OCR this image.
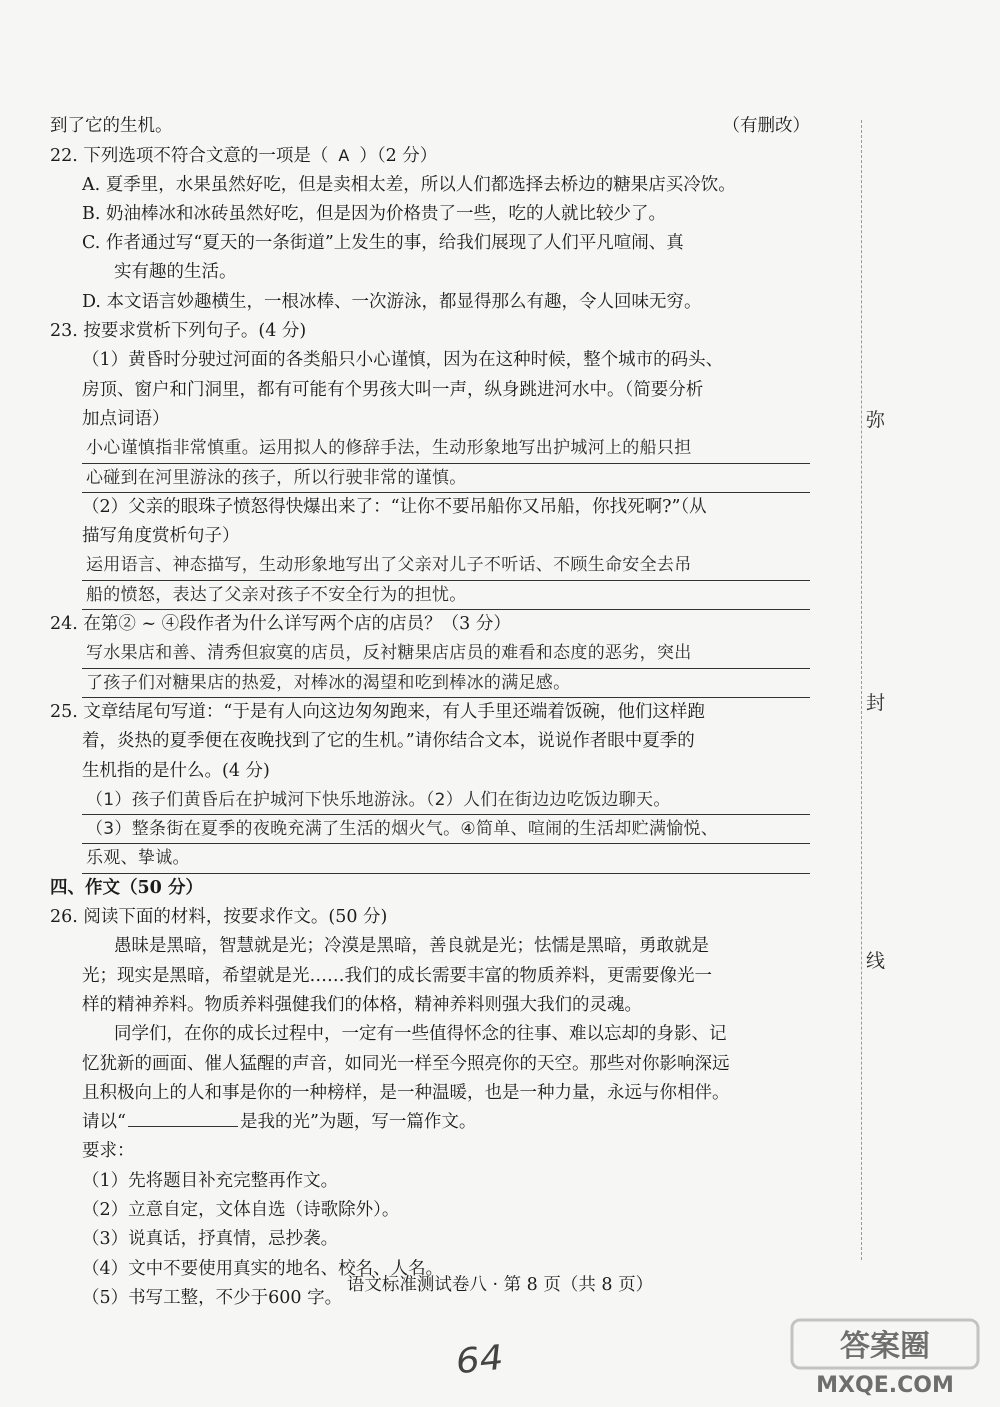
到了它的生机。	（有删改）
22. 下列选项不符合文意的一项是（ A ）（2 分）
A. 夏季里，水果虽然好吃，但是卖相太差，所以人们都选择去桥边的糖果店买冷饮。
B. 奶油棒冰和冰砖虽然好吃，但是因为价格贵了一些，吃的人就比较少了。
C. 作者通过写“夏天的一条街道”上发生的事，给我们展现了人们平凡喧闹、真
实有趣的生活。
D. 本文语言妙趣横生，一根冰棒、一次游泳，都显得那么有趣，令人回味无穷。
23. 按要求赏析下列句子。(4 分)
（1）黄昏时分驶过河面的各类船只小心谨慎，因为在这种时候，整个城市的码头、
房顶、窗户和门洞里，都有可能有个男孩大叫一声，纵身跳进河水中。（简要分析
加点词语）
小心谨慎指非常慎重。运用拟人的修辞手法，生动形象地写出护城河上的船只担
心碰到在河里游泳的孩子，所以行驶非常的谨慎。
（2）父亲的眼珠子愤怒得快爆出来了：“让你不要吊船你又吊船，你找死啊?”（从
描写角度赏析句子）
运用语言、神态描写，生动形象地写出了父亲对儿子不听话、不顾生命安全去吊
船的愤怒，表达了父亲对孩子不安全行为的担忧。
24. 在第② ~ ④段作者为什么详写两个店的店员？（3 分）
写水果店和善、清秀但寂寞的店员，反衬糖果店店员的难看和态度的恶劣，突出
了孩子们对糖果店的热爱，对棒冰的渴望和吃到棒冰的满足感。
25. 文章结尾句写道：“于是有人向这边匆匆跑来，有人手里还端着饭碗，他们这样跑
着，炎热的夏季便在夜晚找到了它的生机。”请你结合文本，说说作者眼中夏季的
生机指的是什么。(4 分)
（1）孩子们黄昏后在护城河下快乐地游泳。（2）人们在街边边吃饭边聊天。
（3）整条街在夏季的夜晚充满了生活的烟火气。④简单、喧闹的生活却贮满愉悦、
乐观、挚诚。
四、作文（50 分）
26. 阅读下面的材料，按要求作文。(50 分)
愚昧是黑暗，智慧就是光；冷漠是黑暗，善良就是光；怯懦是黑暗，勇敢就是
光；现实是黑暗，希望就是光……我们的成长需要丰富的物质养料，更需要像光一
样的精神养料。物质养料强健我们的体格，精神养料则强大我们的灵魂。
同学们，在你的成长过程中，一定有一些值得怀念的往事、难以忘却的身影、记
忆犹新的画面、催人猛醒的声音，如同光一样至今照亮你的天空。那些对你影响深远
且积极向上的人和事是你的一种榜样，是一种温暖，也是一种力量，永远与你相伴。
请以“	是我的光”为题，写一篇作文。
要求：
（1）先将题目补充完整再作文。
（2）立意自定，文体自选（诗歌除外）。
（3）说真话，抒真情，忌抄袭。
（4）文中不要使用真实的地名、校名、人名。
（5）书写工整，不少于600 字。
弥
封
线
语文标准测试卷八 · 第 8 页（共 8 页）
64	答案圈
MXQE.COM
